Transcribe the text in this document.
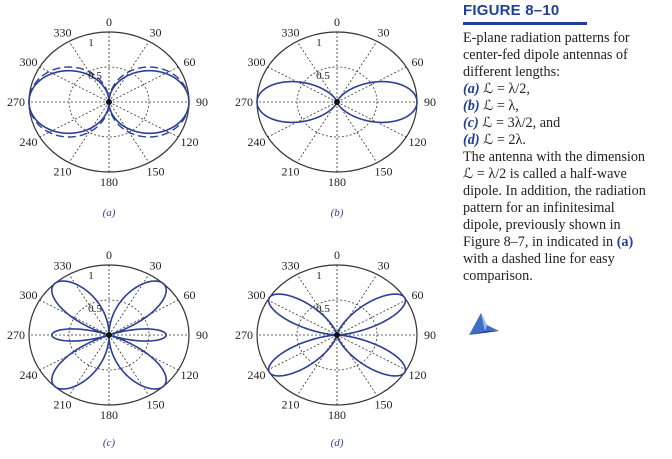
0
30
60
90
120
150
180
210
240
270
300
330
1
0.5
(a)
0
30
60
90
120
150
180
210
240
270
300
330
1
0.5
(b)
0
30
60
90
120
150
180
210
240
270
300
330
1
0.5
(c)
0
30
60
90
120
150
180
210
240
270
300
330
1
0.5
(d)
FIGURE 8–10
E-plane radiation patterns for
center-fed dipole antennas of
different lengths:
(a) ℒ = λ/2,
(b) ℒ = λ,
(c) ℒ = 3λ/2, and
(d) ℒ = 2λ.
The antenna with the dimension
ℒ = λ/2 is called a half-wave
dipole. In addition, the radiation
pattern for an infinitesimal
dipole, previously shown in
Figure 8–7, in indicated in (a)
with a dashed line for easy
comparison.
